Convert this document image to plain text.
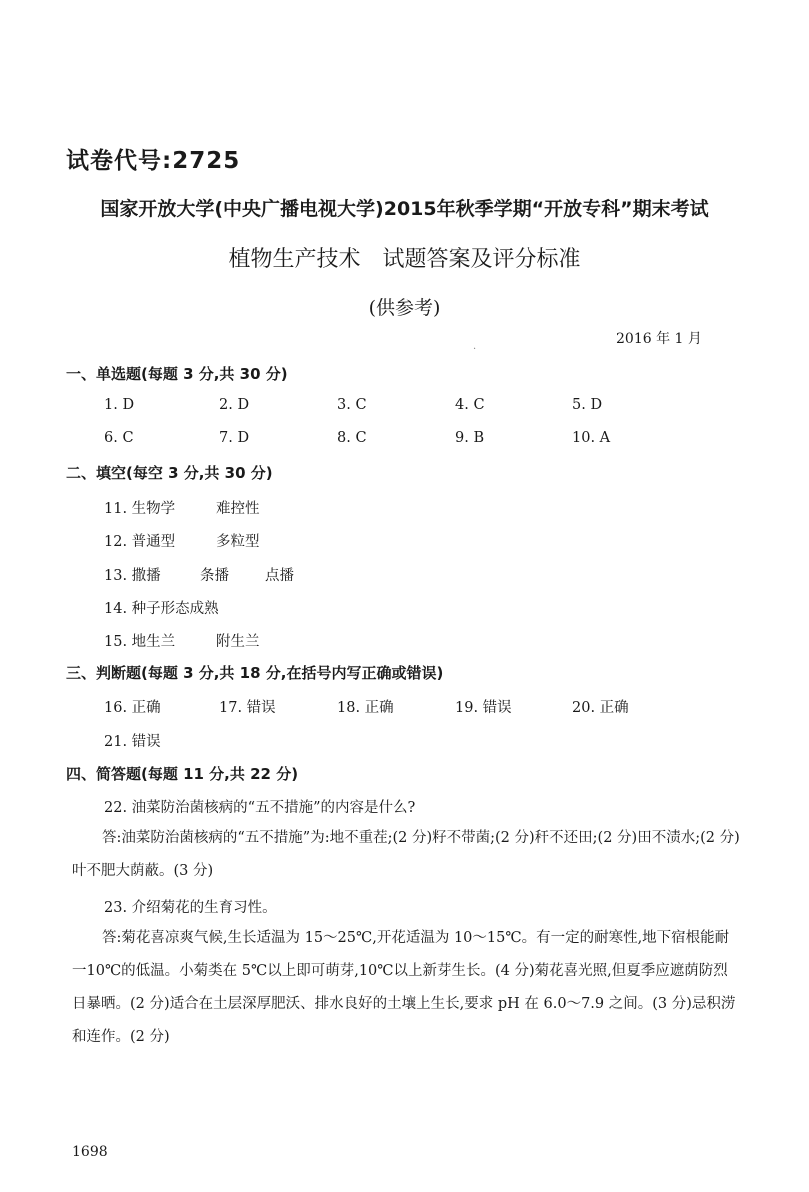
试卷代号:2725
国家开放大学(中央广播电视大学)2015年秋季学期“开放专科”期末考试
植物生产技术　试题答案及评分标准
(供参考)
2016 年 1 月
·
一、单选题(每题 3 分,共 30 分)
1. D	2. D	3. C	4. C	5. D
6. C	7. D	8. C	9. B	10. A
二、填空(每空 3 分,共 30 分)
11. 生物学	难控性
12. 普通型	多粒型
13. 撒播	条播 点播
14. 种子形态成熟
15. 地生兰	附生兰
三、判断题(每题 3 分,共 18 分,在括号内写正确或错误)
16. 正确	17. 错误	18. 正确	19. 错误	20. 正确
21. 错误
四、简答题(每题 11 分,共 22 分)
22. 油菜防治菌核病的“五不措施”的内容是什么?
答:油菜防治菌核病的“五不措施”为:地不重茬;(2 分)籽不带菌;(2 分)秆不还田;(2 分)田不渍水;(2 分)叶不肥大荫蔽。(3 分)
23. 介绍菊花的生育习性。
答:菊花喜凉爽气候,生长适温为 15～25℃,开花适温为 10～15℃。有一定的耐寒性,地下宿根能耐一10℃的低温。小菊类在 5℃以上即可萌芽,10℃以上新芽生长。(4 分)菊花喜光照,但夏季应遮荫防烈日暴晒。(2 分)适合在土层深厚肥沃、排水良好的土壤上生长,要求 pH 在 6.0～7.9 之间。(3 分)忌积涝和连作。(2 分)
1698
